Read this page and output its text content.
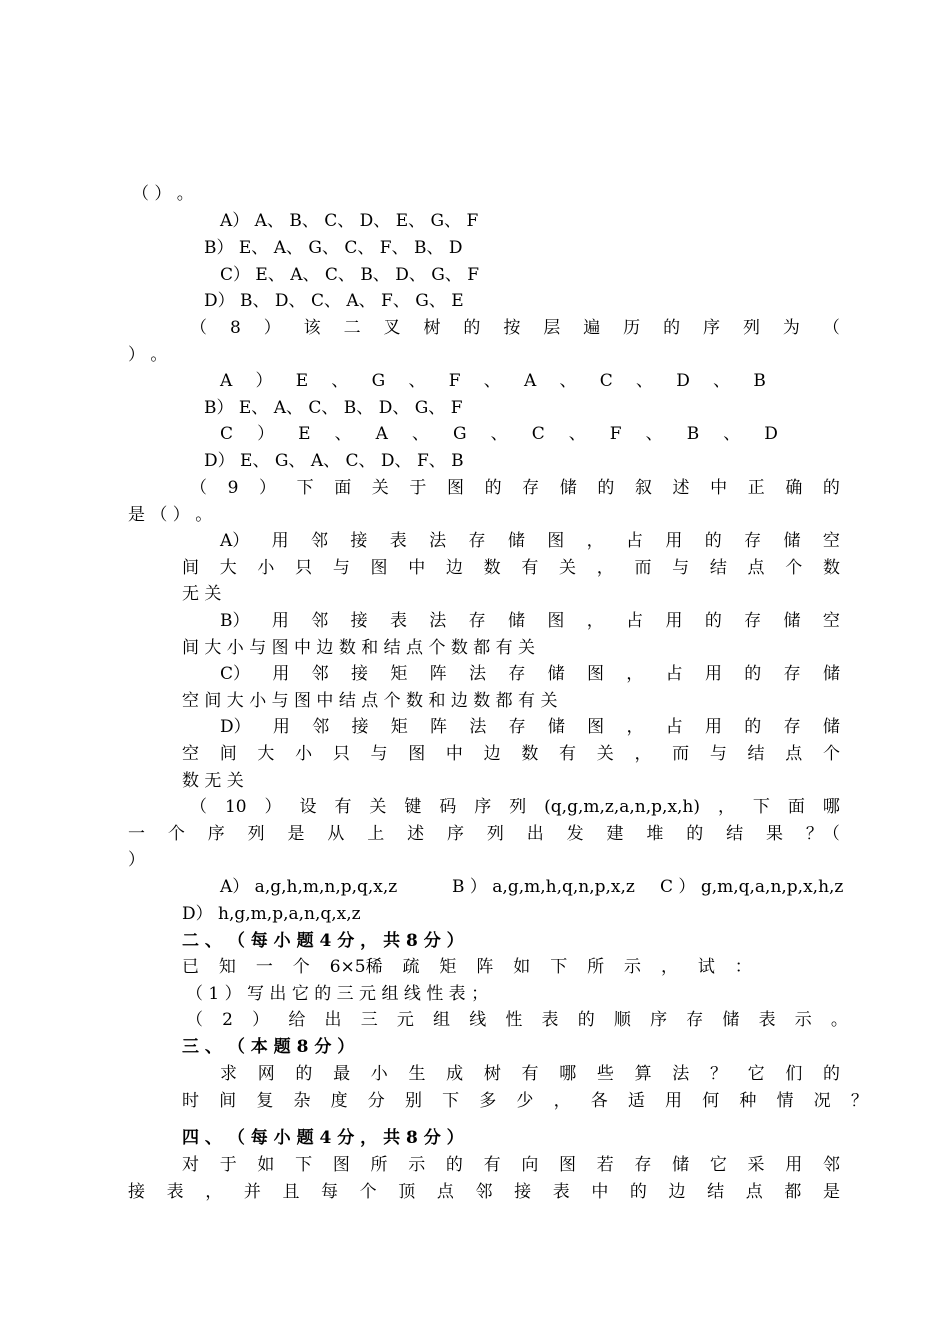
（ ） 。
A） A、 B、 C、 D、 E、 G、 F
B） E、 A、 G、 C、 F、 B、 D
C） E、 A、 C、 B、 D、 G、 F
D） B、 D、 C、 A、 F、 G、 E
（ 8 ） 该 二 叉 树 的 按 层 遍 历 的 序 列 为 （
） 。
A ） E 、 G 、 F 、 A 、 C 、 D 、 B
B） E、 A、 C、 B、 D、 G、 F
C ） E 、 A 、 G 、 C 、 F 、 B 、 D
D） E、 G、 A、 C、 D、 F、 B
（ 9 ） 下 面 关 于 图 的 存 储 的 叙 述 中 正 确 的
是 （ ） 。
A） 用 邻 接 表 法 存 储 图 ， 占 用 的 存 储 空
间 大 小 只 与 图 中 边 数 有 关 ， 而 与 结 点 个 数
无 关
B） 用 邻 接 表 法 存 储 图 ， 占 用 的 存 储 空
间 大 小 与 图 中 边 数 和 结 点 个 数 都 有 关
C） 用 邻 接 矩 阵 法 存 储 图 ， 占 用 的 存 储
空 间 大 小 与 图 中 结 点 个 数 和 边 数 都 有 关
D） 用 邻 接 矩 阵 法 存 储 图 ， 占 用 的 存 储
空 间 大 小 只 与 图 中 边 数 有 关 ， 而 与 结 点 个
数 无 关
（ 10 ） 设 有 关 键 码 序 列 (q,g,m,z,a,n,p,x,h) ， 下 面 哪
一 个 序 列 是 从 上 述 序 列 出 发 建 堆 的 结 果 ？（
）
A） a,g,h,m,n,p,q,x,z	B ） a,g,m,h,q,n,p,x,z C ） g,m,q,a,n,p,x,h,z
D） h,g,m,p,a,n,q,x,z
二 、 （ 每 小 题 4 分 ， 共 8 分 ）
已 知 一 个 6×5稀 疏 矩 阵 如 下 所 示 ， 试 ：
（ 1 ） 写 出 它 的 三 元 组 线 性 表 ；
（ 2 ） 给 出 三 元 组 线 性 表 的 顺 序 存 储 表 示 。
三 、 （ 本 题 8 分 ）
求 网 的 最 小 生 成 树 有 哪 些 算 法 ？ 它 们 的
时 间 复 杂 度 分 别 下 多 少 ， 各 适 用 何 种 情 况 ？
四 、 （ 每 小 题 4 分 ， 共 8 分 ）
对 于 如 下 图 所 示 的 有 向 图 若 存 储 它 采 用 邻
接 表 ， 并 且 每 个 顶 点 邻 接 表 中 的 边 结 点 都 是
